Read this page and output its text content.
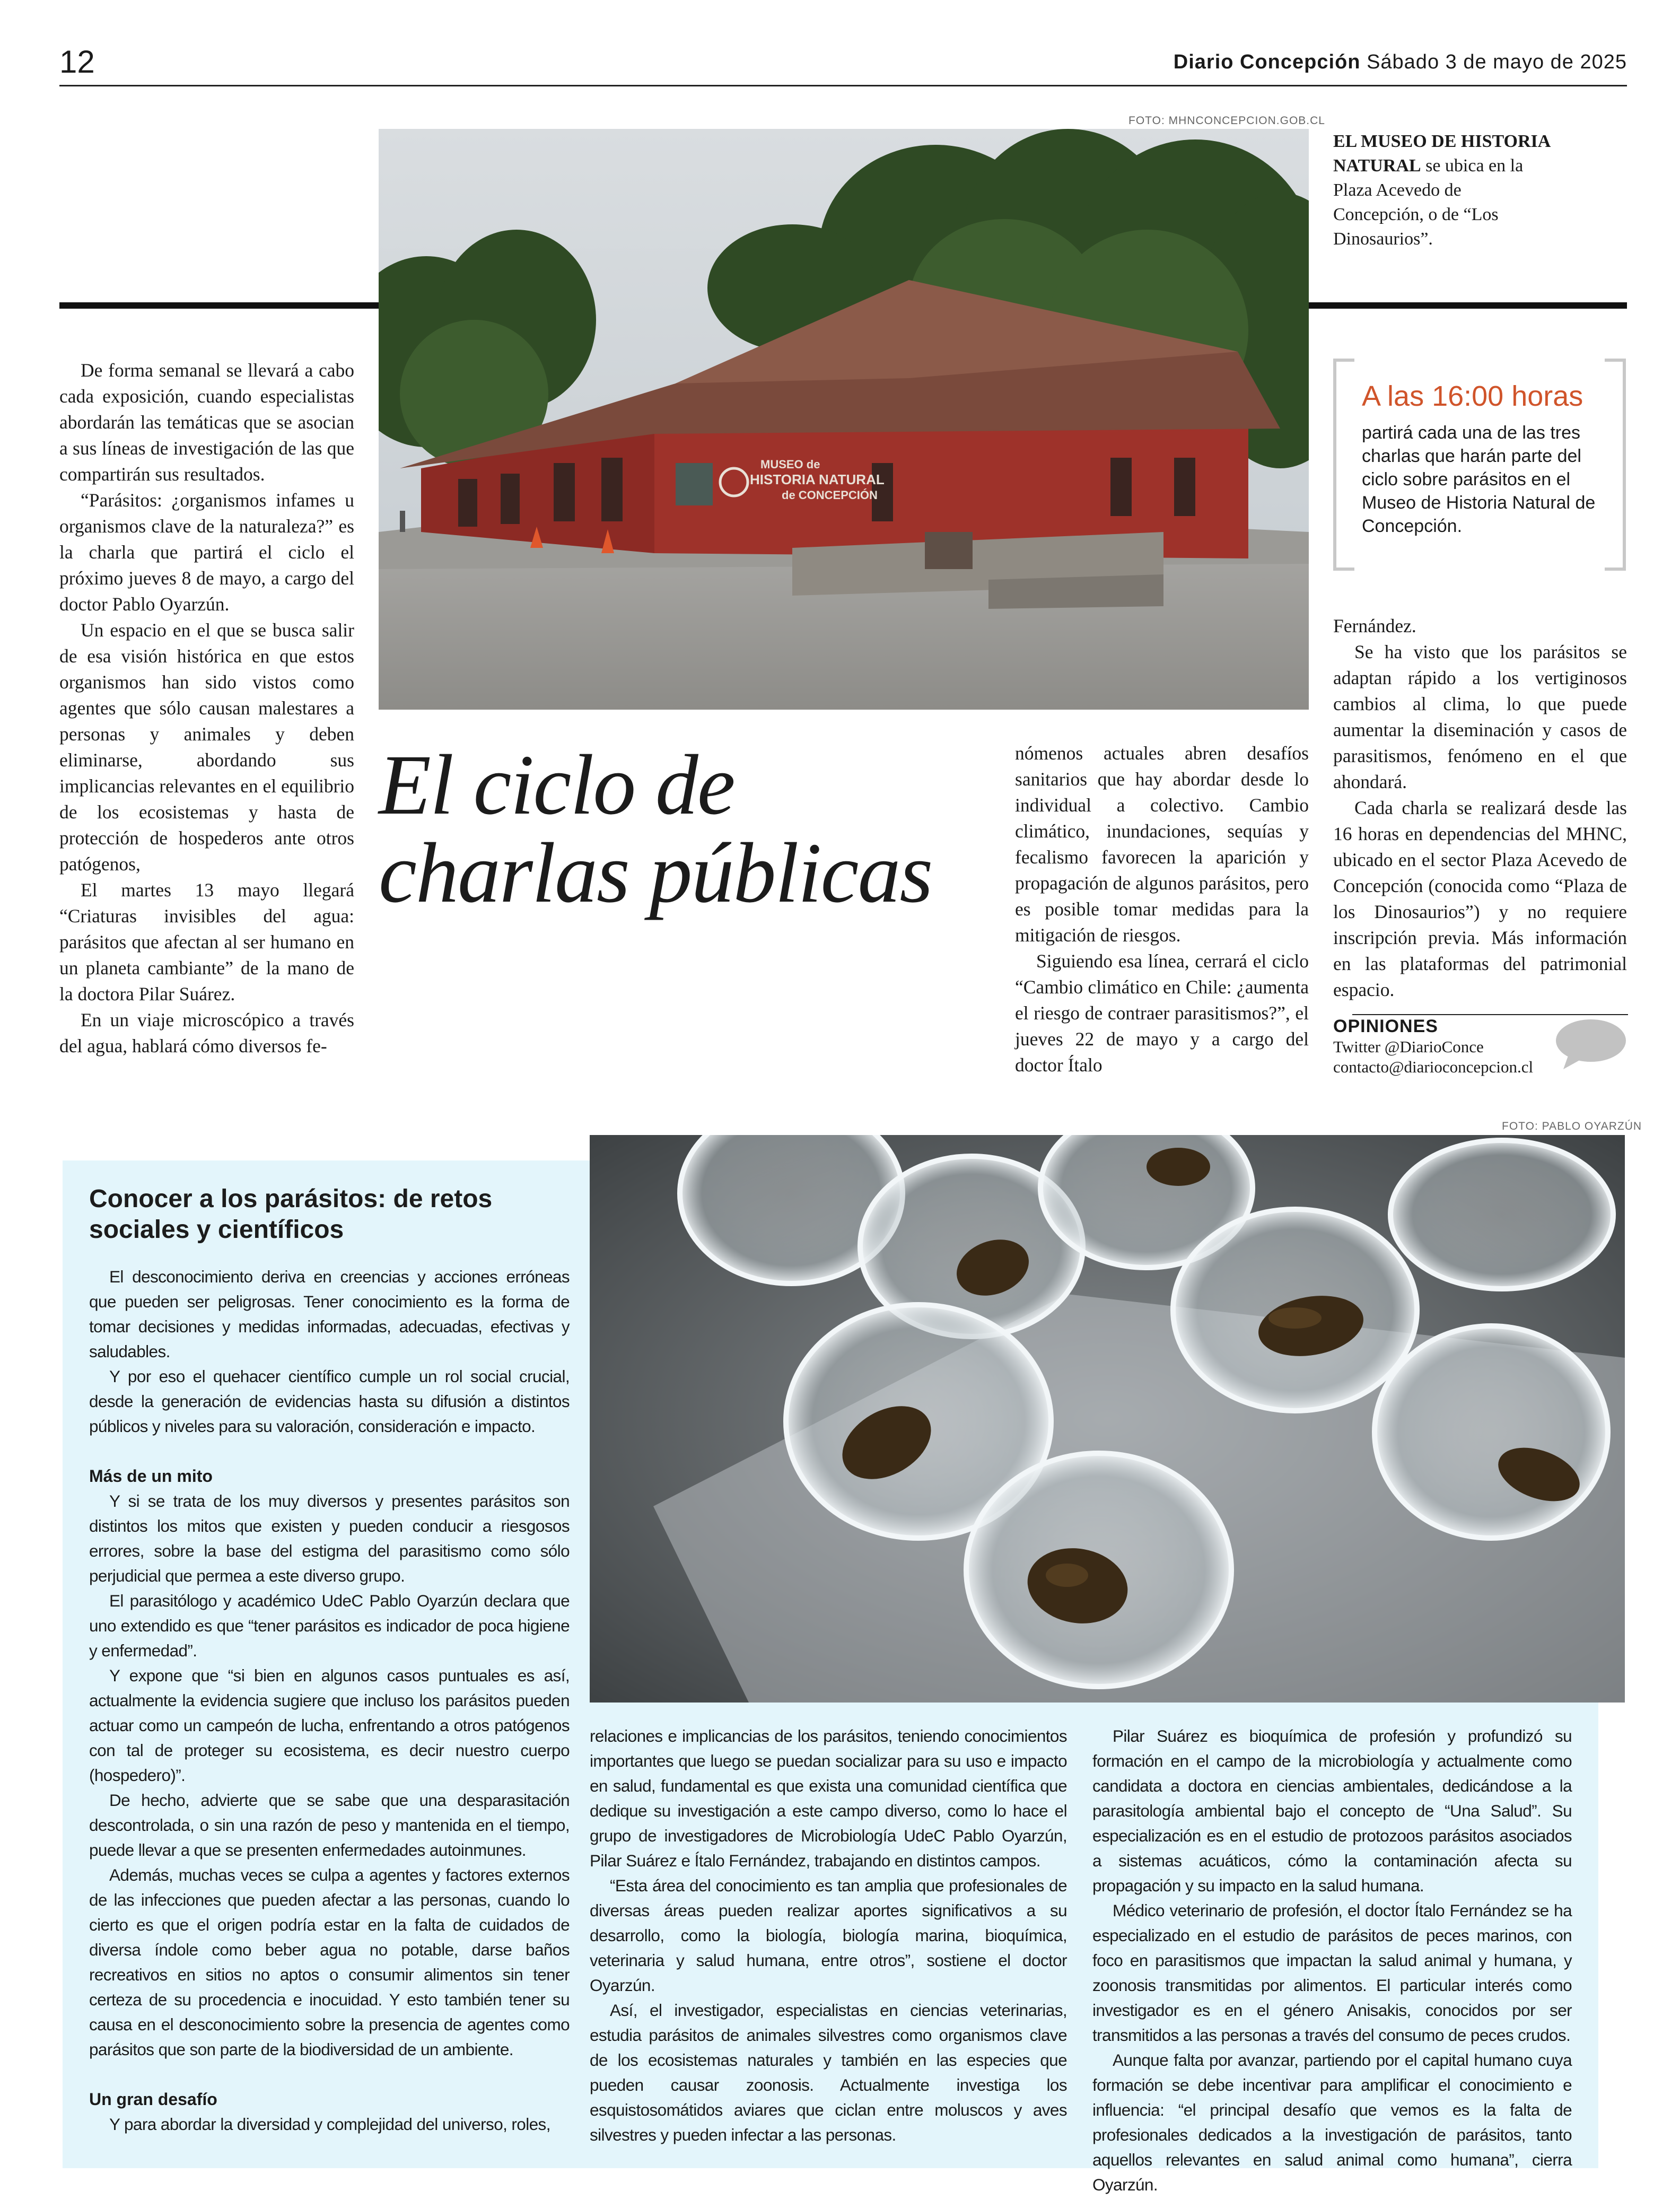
12	Diario Concepción Sábado 3 de mayo de 2025
FOTO: MHNCONCEPCION.GOB.CL
MUSEO de
HISTORIA NATURAL
de CONCEPCIÓN
EL MUSEO DE HISTORIA NATURAL se ubica en la Plaza Acevedo de Concepción, o de “Los Dinosaurios”.

De forma semanal se llevará a cabo cada exposición, cuando especialistas abordarán las temáticas que se asocian a sus líneas de investigación de las que compartirán sus resultados.

“Parásitos: ¿organismos infames u organismos clave de la naturaleza?” es la charla que partirá el ciclo el próximo jueves 8 de mayo, a cargo del doctor Pablo Oyarzún.

Un espacio en el que se busca salir de esa visión histórica en que estos organismos han sido vistos como agentes que sólo causan malestares a personas y animales y deben eliminarse, abordando sus implicancias relevantes en el equilibrio de los ecosistemas y hasta de protección de hospederos ante otros patógenos,

El martes 13 mayo llegará “Criaturas invisibles del agua: parásitos que afectan al ser humano en un planeta cambiante” de la mano de la doctora Pilar Suárez.

En un viaje microscópico a través del agua, hablará cómo diversos fe-

El ciclo de
charlas públicas

nómenos actuales abren desafíos sanitarios que hay abordar desde lo individual a colectivo. Cambio climático, inundaciones, sequías y fecalismo favorecen la aparición y propagación de algunos parásitos, pero es posible tomar medidas para la mitigación de riesgos.

Siguiendo esa línea, cerrará el ciclo “Cambio climático en Chile: ¿aumenta el riesgo de contraer parasitismos?”, el jueves 22 de mayo y a cargo del doctor Ítalo

A las 16:00 horas
partirá cada una de las tres charlas que harán parte del ciclo sobre parásitos en el Museo de Historia Natural de Concepción.

Fernández.

Se ha visto que los parásitos se adaptan rápido a los vertiginosos cambios al clima, lo que puede aumentar la diseminación y casos de parasitismos, fenómeno en el que ahondará.

Cada charla se realizará desde las 16 horas en dependencias del MHNC, ubicado en el sector Plaza Acevedo de Concepción (conocida como “Plaza de los Dinosaurios”) y no requiere inscripción previa. Más información en las plataformas del patrimonial espacio.

OPINIONES
Twitter @DiarioConce
contacto@diarioconcepcion.cl
FOTO: PABLO OYARZÚN
Conocer a los parásitos: de retos sociales y científicos

El desconocimiento deriva en creencias y acciones erróneas que pueden ser peligrosas. Tener conocimiento es la forma de tomar decisiones y medidas informadas, adecuadas, efectivas y saludables.

Y por eso el quehacer científico cumple un rol social crucial, desde la generación de evidencias hasta su difusión a distintos públicos y niveles para su valoración, consideración e impacto.

Más de un mito

Y si se trata de los muy diversos y presentes parásitos son distintos los mitos que existen y pueden conducir a riesgosos errores, sobre la base del estigma del parasitismo como sólo perjudicial que permea a este diverso grupo.

El parasitólogo y académico UdeC Pablo Oyarzún declara que uno extendido es que “tener parásitos es indicador de poca higiene y enfermedad”.

Y expone que “si bien en algunos casos puntuales es así, actualmente la evidencia sugiere que incluso los parásitos pueden actuar como un campeón de lucha, enfrentando a otros patógenos con tal de proteger su ecosistema, es decir nuestro cuerpo (hospedero)”.

De hecho, advierte que se sabe que una desparasitación descontrolada, o sin una razón de peso y mantenida en el tiempo, puede llevar a que se presenten enfermedades autoinmunes.

Además, muchas veces se culpa a agentes y factores externos de las infecciones que pueden afectar a las personas, cuando lo cierto es que el origen podría estar en la falta de cuidados de diversa índole como beber agua no potable, darse baños recreativos en sitios no aptos o consumir alimentos sin tener certeza de su procedencia e inocuidad. Y esto también tener su causa en el desconocimiento sobre la presencia de agentes como parásitos que son parte de la biodiversidad de un ambiente.

Un gran desafío

Y para abordar la diversidad y complejidad del universo, roles,

relaciones e implicancias de los parásitos, teniendo conocimientos importantes que luego se puedan socializar para su uso e impacto en salud, fundamental es que exista una comunidad científica que dedique su investigación a este campo diverso, como lo hace el grupo de investigadores de Microbiología UdeC Pablo Oyarzún, Pilar Suárez e Ítalo Fernández, trabajando en distintos campos.

“Esta área del conocimiento es tan amplia que profesionales de diversas áreas pueden realizar aportes significativos a su desarrollo, como la biología, biología marina, bioquímica, veterinaria y salud humana, entre otros”, sostiene el doctor Oyarzún.

Así, el investigador, especialistas en ciencias veterinarias, estudia parásitos de animales silvestres como organismos clave de los ecosistemas naturales y también en las especies que pueden causar zoonosis. Actualmente investiga los esquistosomátidos aviares que ciclan entre moluscos y aves silvestres y pueden infectar a las personas.

Pilar Suárez es bioquímica de profesión y profundizó su formación en el campo de la microbiología y actualmente como candidata a doctora en ciencias ambientales, dedicándose a la parasitología ambiental bajo el concepto de “Una Salud”. Su especialización es en el estudio de protozoos parásitos asociados a sistemas acuáticos, cómo la contaminación afecta su propagación y su impacto en la salud humana.

Médico veterinario de profesión, el doctor Ítalo Fernández se ha especializado en el estudio de parásitos de peces marinos, con foco en parasitismos que impactan la salud animal y humana, y zoonosis transmitidas por alimentos. El particular interés como investigador es en el género Anisakis, conocidos por ser transmitidos a las personas a través del consumo de peces crudos.

Aunque falta por avanzar, partiendo por el capital humano cuya formación se debe incentivar para amplificar el conocimiento e influencia: “el principal desafío que vemos es la falta de profesionales dedicados a la investigación de parásitos, tanto aquellos relevantes en salud animal como humana”, cierra Oyarzún.
